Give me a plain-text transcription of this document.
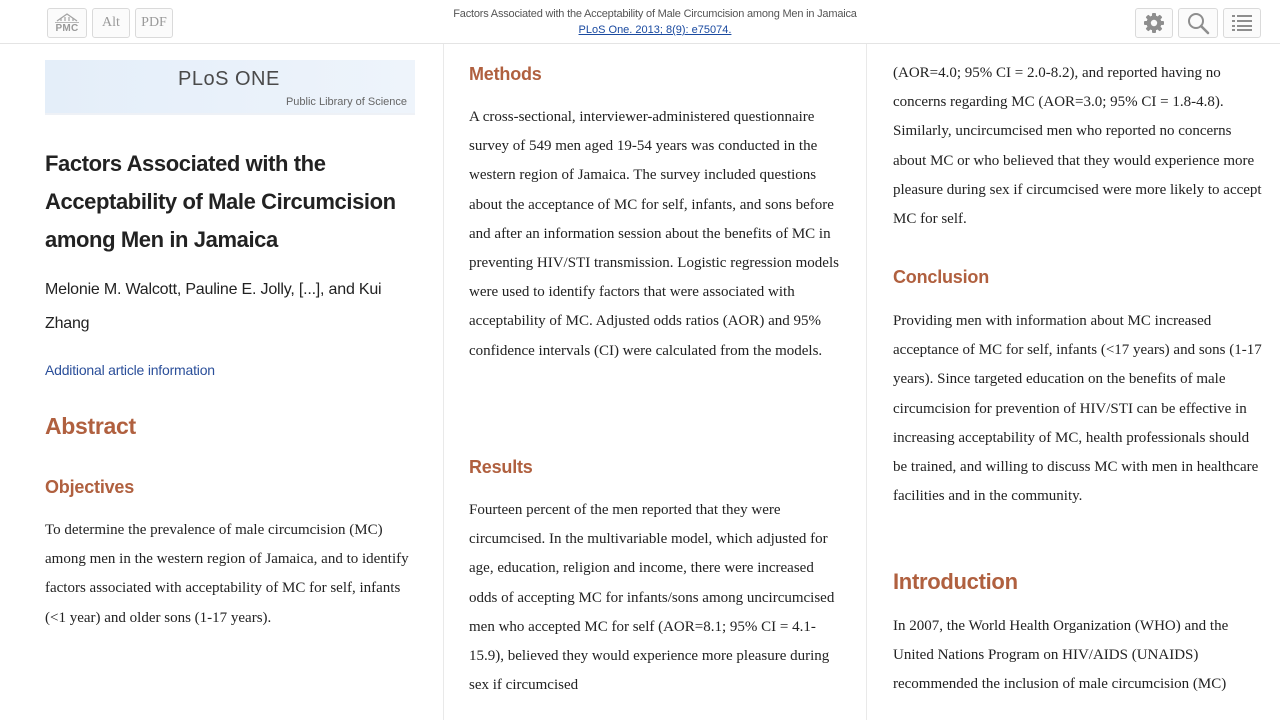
PMC	Alt	PDF
Factors Associated with the Acceptability of Male Circumcision among Men in Jamaica
PLoS One. 2013; 8(9): e75074.
PLoS ONE
Public Library of Science
Factors Associated with the Acceptability of Male Circumcision among Men in Jamaica
Melonie M. Walcott, Pauline E. Jolly, [...], and Kui Zhang
Additional article information
Abstract
Objectives

To determine the prevalence of male circumcision (MC) among men in the western region of Jamaica, and to identify factors associated with acceptability of MC for self, infants (<1 year) and older sons (1-17 years).

Methods

A cross-sectional, interviewer-administered questionnaire survey of 549 men aged 19-54 years was conducted in the western region of Jamaica. The survey included questions about the acceptance of MC for self, infants, and sons before and after an information session about the benefits of MC in preventing HIV/STI transmission. Logistic regression models were used to identify factors that were associated with acceptability of MC. Adjusted odds ratios (AOR) and 95% confidence intervals (CI) were calculated from the models.

Results

Fourteen percent of the men reported that they were circumcised. In the multivariable model, which adjusted for age, education, religion and income, there were increased odds of accepting MC for infants/sons among uncircumcised men who accepted MC for self (AOR=8.1; 95% CI = 4.1-15.9), believed they would experience more pleasure during sex if circumcised

(AOR=4.0; 95% CI = 2.0-8.2), and reported having no concerns regarding MC (AOR=3.0; 95% CI = 1.8-4.8). Similarly, uncircumcised men who reported no concerns about MC or who believed that they would experience more pleasure during sex if circumcised were more likely to accept MC for self.

Conclusion

Providing men with information about MC increased acceptance of MC for self, infants (<17 years) and sons (1-17 years). Since targeted education on the benefits of male circumcision for prevention of HIV/STI can be effective in increasing acceptability of MC, health professionals should be trained, and willing to discuss MC with men in healthcare facilities and in the community.

Introduction

In 2007, the World Health Organization (WHO) and the United Nations Program on HIV/AIDS (UNAIDS) recommended the inclusion of male circumcision (MC)
